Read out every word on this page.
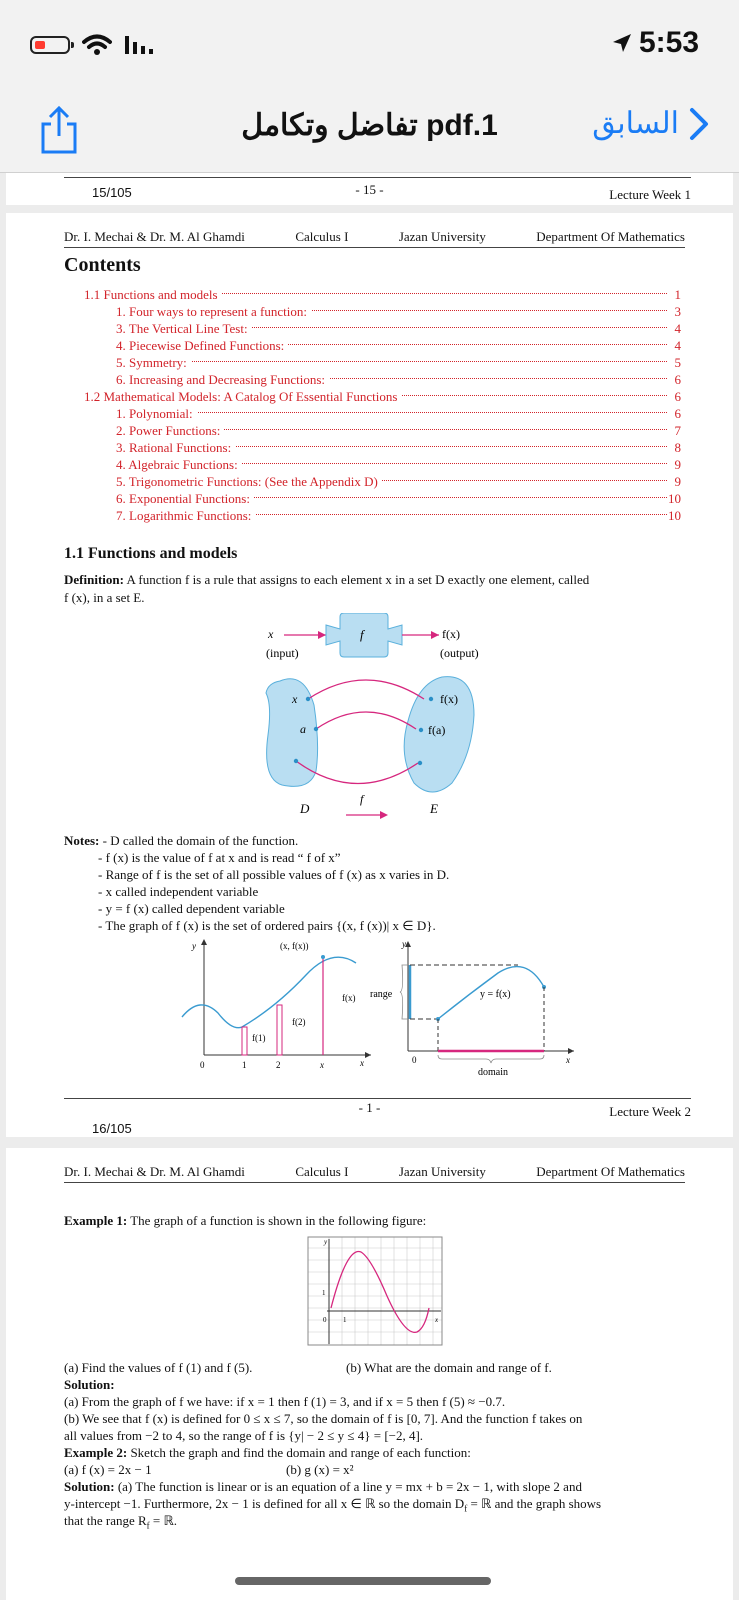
5:53
تفاضل وتكامل pdf.1	السابق
- 15 -	Lecture Week 1
15/105
Dr. I. Mechai & Dr. M. Al Ghamdi	Calculus I	Jazan University	Department Of Mathematics
Contents
1.1 Functions and models	1
1. Four ways to represent a function:	3
3. The Vertical Line Test:	4
4. Piecewise Defined Functions:	4
5. Symmetry:	5
6. Increasing and Decreasing Functions:	6
1.2 Mathematical Models: A Catalog Of Essential Functions	6
1. Polynomial:	6
2. Power Functions:	7
3. Rational Functions:	8
4. Algebraic Functions:	9
5. Trigonometric Functions: (See the Appendix D)	9
6. Exponential Functions:	10
7. Logarithmic Functions:	10
1.1 Functions and models
Definition: A function f is a rule that assigns to each element x in a set D exactly one element, called
f (x), in a set E.
x
(input)
f	f(x)
(output)
x
a
f(x)
f(a)
D	E
f
Notes: - D called the domain of the function.
- f (x) is the value of f at x and is read “ f of x”
- Range of f is the set of all possible values of f (x) as x varies in D.
- x called independent variable
- y = f (x) called dependent variable
- The graph of f (x) is the set of ordered pairs {(x, f (x))| x ∈ D}.
y	(x, f(x))
f(x)
f(2)
f(1)
0	1	2	x	x
y
range	y = f(x)
0
domain
x
- 1 -	Lecture Week 2
16/105
Dr. I. Mechai & Dr. M. Al Ghamdi	Calculus I	Jazan University	Department Of Mathematics
Example 1: The graph of a function is shown in the following figure:
y
1
0 1	x
(a) Find the values of f (1) and f (5).	(b) What are the domain and range of f.
Solution:
(a) From the graph of f we have: if x = 1 then f (1) = 3, and if x = 5 then f (5) ≈ −0.7.
(b) We see that f (x) is defined for 0 ≤ x ≤ 7, so the domain of f is [0, 7]. And the function f takes on
all values from −2 to 4, so the range of f is {y| − 2 ≤ y ≤ 4} = [−2, 4].
Example 2: Sketch the graph and find the domain and range of each function:
(a) f (x) = 2x − 1	(b) g (x) = x²
Solution: (a) The function is linear or is an equation of a line y = mx + b = 2x − 1, with slope 2 and
y-intercept −1. Furthermore, 2x − 1 is defined for all x ∈ ℝ so the domain $D_f$ = ℝ and the graph shows
that the range $R_f$ = ℝ.
